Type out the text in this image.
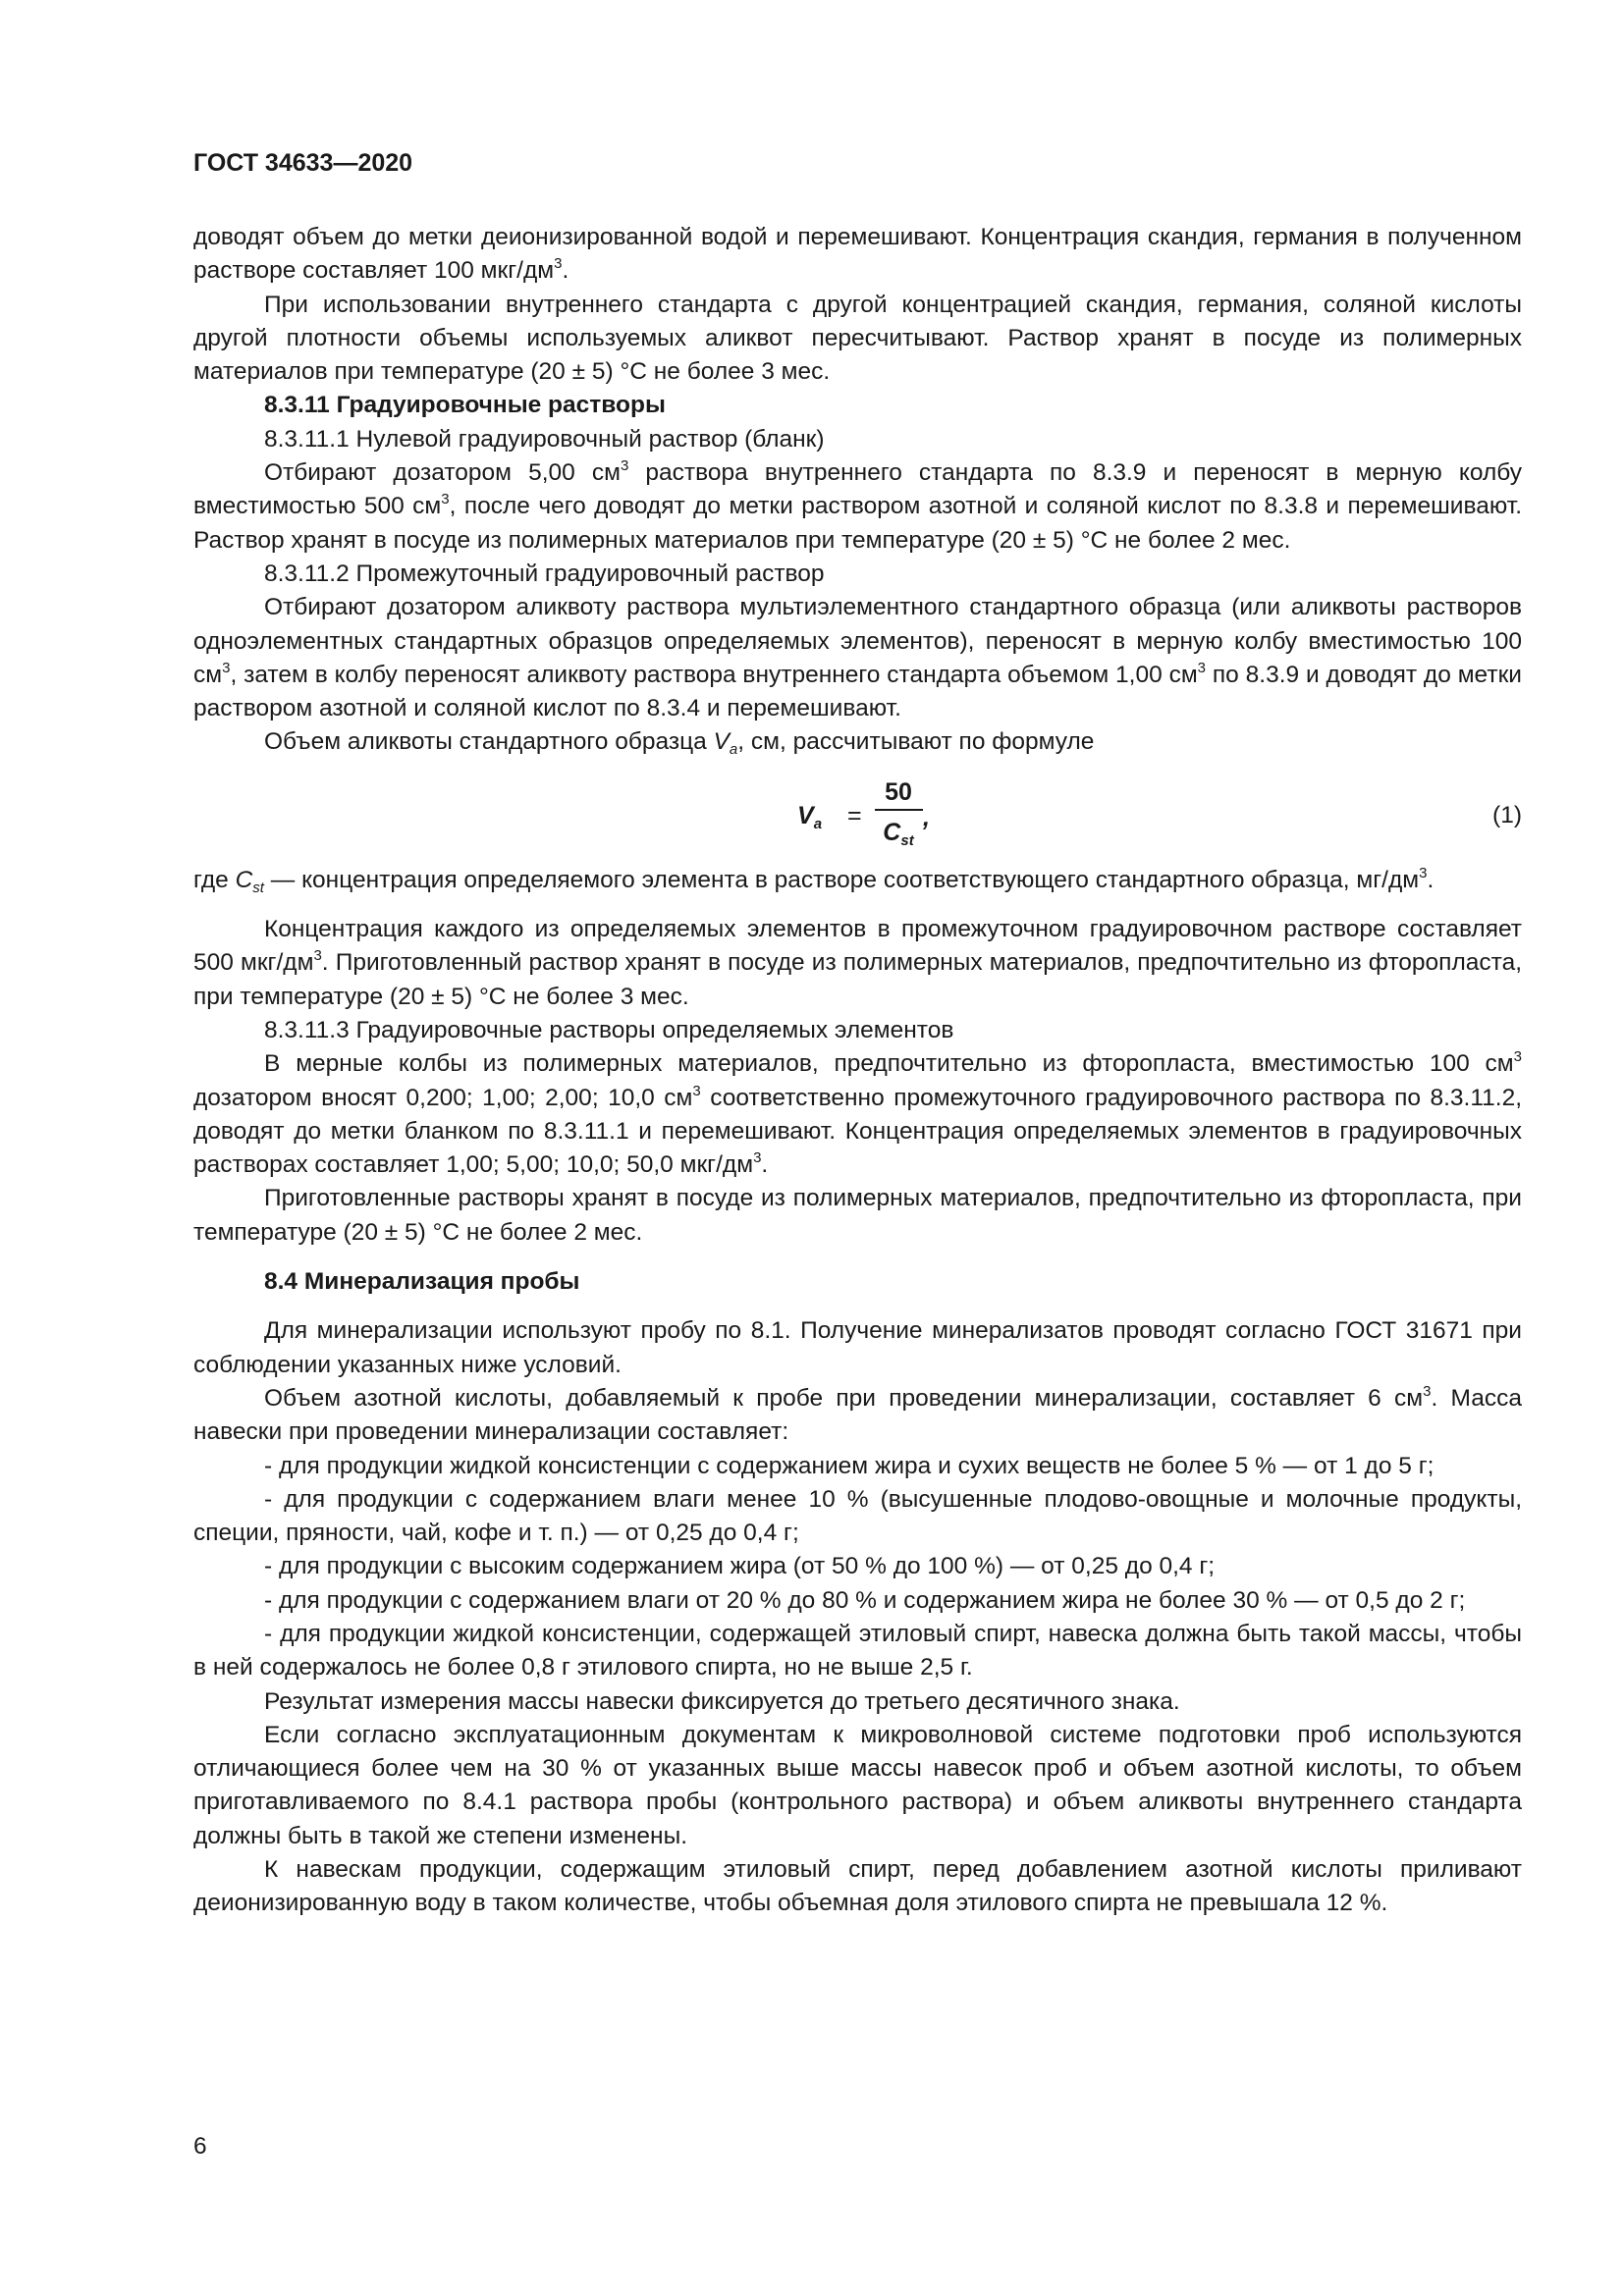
ГОСТ 34633—2020

доводят объем до метки деионизированной водой и перемешивают. Концентрация скандия, германия в полученном растворе составляет 100 мкг/$дм^3$.

При использовании внутреннего стандарта с другой концентрацией скандия, германия, соляной кислоты другой плотности объемы используемых аликвот пересчитывают. Раствор хранят в посуде из полимерных материалов при температуре (20 ± 5) °С не более 3 мес.

8.3.11 Градуировочные растворы

8.3.11.1 Нулевой градуировочный раствор (бланк)

Отбирают дозатором 5,00 $см^3$ раствора внутреннего стандарта по 8.3.9 и переносят в мерную колбу вместимостью 500 $см^3$, после чего доводят до метки раствором азотной и соляной кислот по 8.3.8 и перемешивают. Раствор хранят в посуде из полимерных материалов при температуре (20 ± 5) °С не более 2 мес.

8.3.11.2 Промежуточный градуировочный раствор

Отбирают дозатором аликвоту раствора мультиэлементного стандартного образца (или аликвоты растворов одноэлементных стандартных образцов определяемых элементов), переносят в мерную колбу вместимостью 100 $см^3$, затем в колбу переносят аликвоту раствора внутреннего стандарта объемом 1,00 $см^3$ по 8.3.9 и доводят до метки раствором азотной и соляной кислот по 8.3.4 и перемешивают.

Объем аликвоты стандартного образца $V_a$, см, рассчитывают по формуле

$V_a$ =
50
$C_{st}$
,	(1)

где $C_{st}$ — концентрация определяемого элемента в растворе соответствующего стандартного образца, $мг/дм^3$.

Концентрация каждого из определяемых элементов в промежуточном градуировочном растворе составляет 500 мкг/$дм^3$. Приготовленный раствор хранят в посуде из полимерных материалов, предпочтительно из фторопласта, при температуре (20 ± 5) °С не более 3 мес.

8.3.11.3 Градуировочные растворы определяемых элементов

В мерные колбы из полимерных материалов, предпочтительно из фторопласта, вместимостью 100 $см^3$ дозатором вносят 0,200; 1,00; 2,00; 10,0 $см^3$ соответственно промежуточного градуировочного раствора по 8.3.11.2, доводят до метки бланком по 8.3.11.1 и перемешивают. Концентрация определяемых элементов в градуировочных растворах составляет 1,00; 5,00; 10,0; 50,0 мкг/$дм^3$.

Приготовленные растворы хранят в посуде из полимерных материалов, предпочтительно из фторопласта, при температуре (20 ± 5) °С не более 2 мес.

8.4 Минерализация пробы

Для минерализации используют пробу по 8.1. Получение минерализатов проводят согласно ГОСТ 31671 при соблюдении указанных ниже условий.

Объем азотной кислоты, добавляемый к пробе при проведении минерализации, составляет 6 $см^3$. Масса навески при проведении минерализации составляет:

- для продукции жидкой консистенции с содержанием жира и сухих веществ не более 5 % — от 1 до 5 г;

- для продукции с содержанием влаги менее 10 % (высушенные плодово-овощные и молочные продукты, специи, пряности, чай, кофе и т. п.) — от 0,25 до 0,4 г;

- для продукции с высоким содержанием жира (от 50 % до 100 %) — от 0,25 до 0,4 г;

- для продукции с содержанием влаги от 20 % до 80 % и содержанием жира не более 30 % — от 0,5 до 2 г;

- для продукции жидкой консистенции, содержащей этиловый спирт, навеска должна быть такой массы, чтобы в ней содержалось не более 0,8 г этилового спирта, но не выше 2,5 г.

Результат измерения массы навески фиксируется до третьего десятичного знака.

Если согласно эксплуатационным документам к микроволновой системе подготовки проб используются отличающиеся более чем на 30 % от указанных выше массы навесок проб и объем азотной кислоты, то объем приготавливаемого по 8.4.1 раствора пробы (контрольного раствора) и объем аликвоты внутреннего стандарта должны быть в такой же степени изменены.

К навескам продукции, содержащим этиловый спирт, перед добавлением азотной кислоты приливают деионизированную воду в таком количестве, чтобы объемная доля этилового спирта не превышала 12 %.

6
